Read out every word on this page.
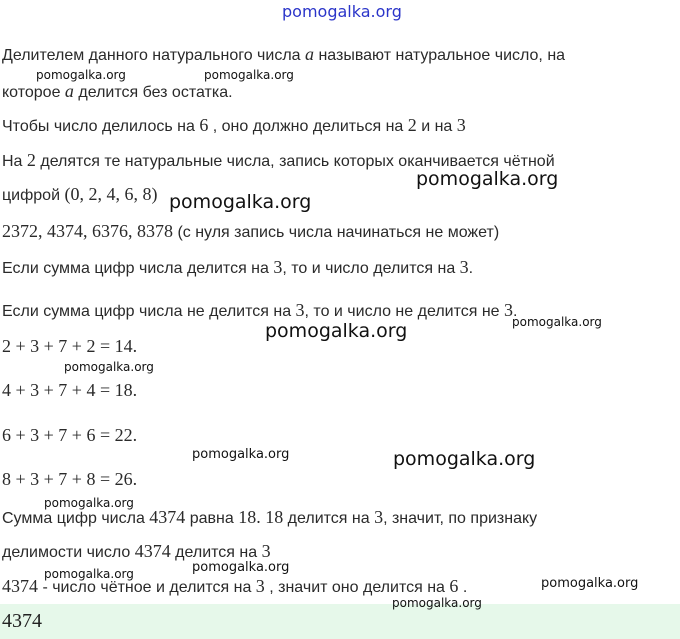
pomogalka.org
Делителем данного натурального числа a называют натуральное число, на
которое a делится без остатка.
Чтобы число делилось на 6 , оно должно делиться на 2 и на 3
На 2 делятся те натуральные числа, запись которых оканчивается чётной
цифрой (0, 2, 4, 6, 8)
2372, 4374, 6376, 8378 (с нуля запись числа начинаться не может)
Если сумма цифр числа делится на 3, то и число делится на 3.
Если сумма цифр числа не делится на 3, то и число не делится не 3.
2 + 3 + 7 + 2 = 14.
4 + 3 + 7 + 4 = 18.
6 + 3 + 7 + 6 = 22.
8 + 3 + 7 + 8 = 26.
Сумма цифр числа 4374 равна 18. 18 делится на 3, значит, по признаку
делимости число 4374 делится на 3
4374 - число чётное и делится на 3 , значит оно делится на 6 .
4374
pomogalka.org	pomogalka.org
pomogalka.org
pomogalka.org
pomogalka.org
pomogalka.org
pomogalka.org
pomogalka.org	pomogalka.org
pomogalka.org
pomogalka.org
pomogalka.org
pomogalka.org
pomogalka.org
